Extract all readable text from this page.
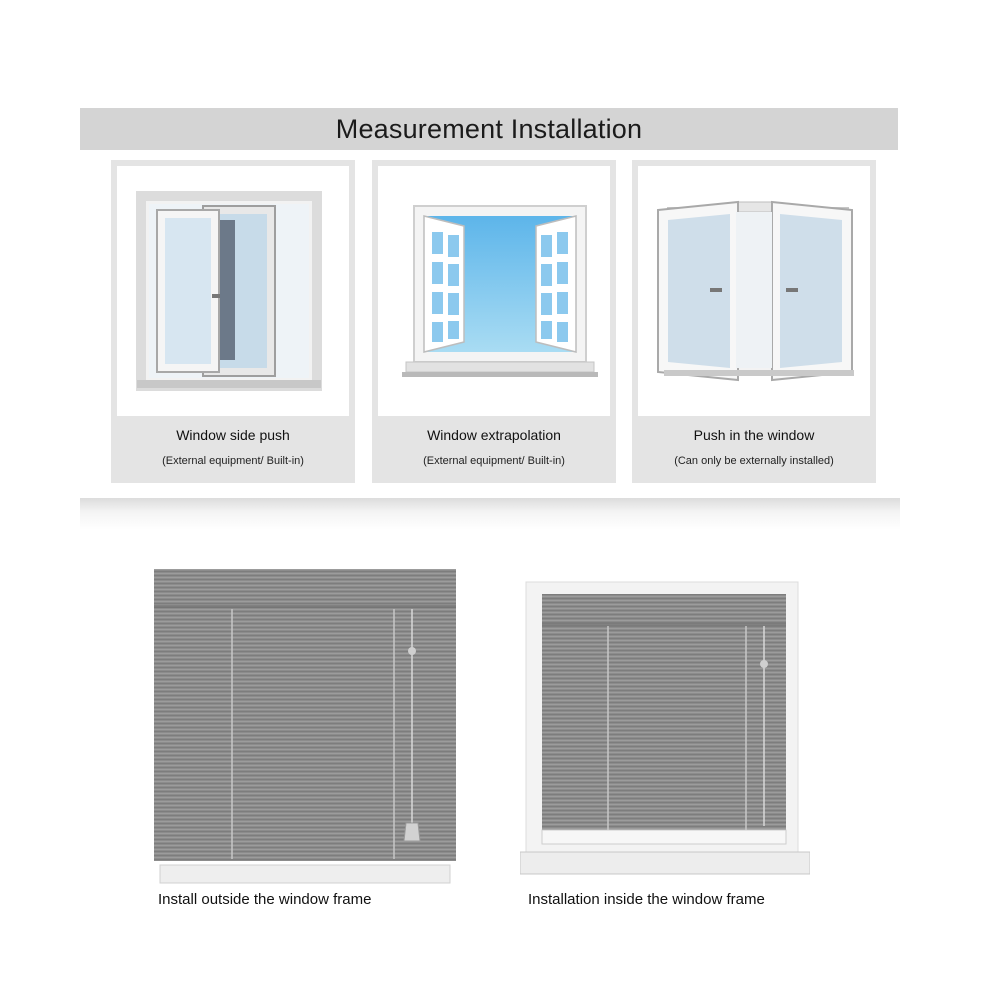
Measurement Installation
Window side push
(External equipment/ Built-in)
Window extrapolation
(External equipment/ Built-in)
Push in the window
(Can only be externally installed)
Install outside the window frame	Installation inside the window frame
